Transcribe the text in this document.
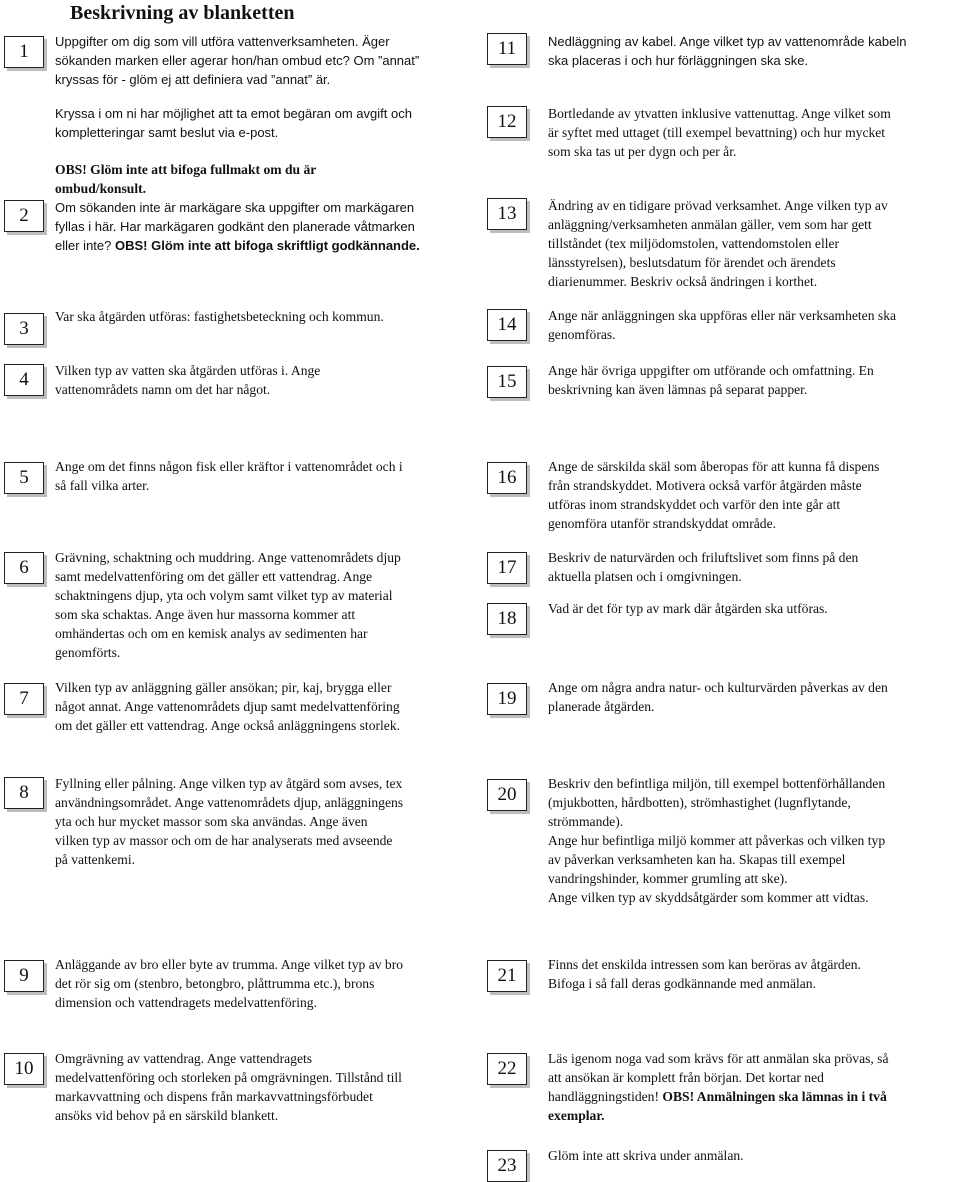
Beskrivning av blanketten
1 Uppgifter om dig som vill utföra vattenverksamheten. Äger
sökanden marken eller agerar hon/han ombud etc? Om ”annat”
kryssas för - glöm ej att definiera vad ”annat” är.
2
Kryssa i om ni har möjlighet att ta emot begäran om avgift och
kompletteringar samt beslut via e-post.
OBS! Glöm inte att bifoga fullmakt om du är
ombud/konsult.
Om sökanden inte är markägare ska uppgifter om markägaren
fyllas i här. Har markägaren godkänt den planerade våtmarken
eller inte? OBS! Glöm inte att bifoga skriftligt godkännande.
3
Var ska åtgärden utföras: fastighetsbeteckning och kommun.
4 Vilken typ av vatten ska åtgärden utföras i. Ange
vattenområdets namn om det har något.
5
Ange om det finns någon fisk eller kräftor i vattenområdet och i
så fall vilka arter.
6 Grävning, schaktning och muddring. Ange vattenområdets djup
samt medelvattenföring om det gäller ett vattendrag. Ange
schaktningens djup, yta och volym samt vilket typ av material
som ska schaktas. Ange även hur massorna kommer att
omhändertas och om en kemisk analys av sedimenten har
genomförts.
7
Vilken typ av anläggning gäller ansökan; pir, kaj, brygga eller
något annat. Ange vattenområdets djup samt medelvattenföring
om det gäller ett vattendrag. Ange också anläggningens storlek.
8 Fyllning eller pålning. Ange vilken typ av åtgärd som avses, tex
användningsområdet. Ange vattenområdets djup, anläggningens
yta och hur mycket massor som ska användas. Ange även
vilken typ av massor och om de har analyserats med avseende
på vattenkemi.
9
Anläggande av bro eller byte av trumma. Ange vilket typ av bro
det rör sig om (stenbro, betongbro, plåttrumma etc.), brons
dimension och vattendragets medelvattenföring.
10 Omgrävning av vattendrag. Ange vattendragets
medelvattenföring och storleken på omgrävningen. Tillstånd till
markavvattning och dispens från markavvattningsförbudet
ansöks vid behov på en särskild blankett.
11 Nedläggning av kabel. Ange vilket typ av vattenområde kabeln
ska placeras i och hur förläggningen ska ske.
12 Bortledande av ytvatten inklusive vattenuttag. Ange vilket som
är syftet med uttaget (till exempel bevattning) och hur mycket
som ska tas ut per dygn och per år.
13 Ändring av en tidigare prövad verksamhet. Ange vilken typ av
anläggning/verksamheten anmälan gäller, vem som har gett
tillståndet (tex miljödomstolen, vattendomstolen eller
länsstyrelsen), beslutsdatum för ärendet och ärendets
diarienummer. Beskriv också ändringen i korthet.
14 Ange när anläggningen ska uppföras eller när verksamheten ska
genomföras.
15
Ange här övriga uppgifter om utförande och omfattning. En
beskrivning kan även lämnas på separat papper.
16
Ange de särskilda skäl som åberopas för att kunna få dispens
från strandskyddet. Motivera också varför åtgärden måste
utföras inom strandskyddet och varför den inte går att
genomföra utanför strandskyddat område.
17 Beskriv de naturvärden och friluftslivet som finns på den
aktuella platsen och i omgivningen.
18 Vad är det för typ av mark där åtgärden ska utföras.
19
Ange om några andra natur- och kulturvärden påverkas av den
planerade åtgärden.
20
Beskriv den befintliga miljön, till exempel bottenförhållanden
(mjukbotten, hårdbotten), strömhastighet (lugnflytande,
strömmande).
Ange hur befintliga miljö kommer att påverkas och vilken typ
av påverkan verksamheten kan ha. Skapas till exempel
vandringshinder, kommer grumling att ske).
Ange vilken typ av skyddsåtgärder som kommer att vidtas.
21
Finns det enskilda intressen som kan beröras av åtgärden.
Bifoga i så fall deras godkännande med anmälan.
22 Läs igenom noga vad som krävs för att anmälan ska prövas, så
att ansökan är komplett från början. Det kortar ned
handläggningstiden! OBS! Anmälningen ska lämnas in i två
exemplar.
23 Glöm inte att skriva under anmälan.
